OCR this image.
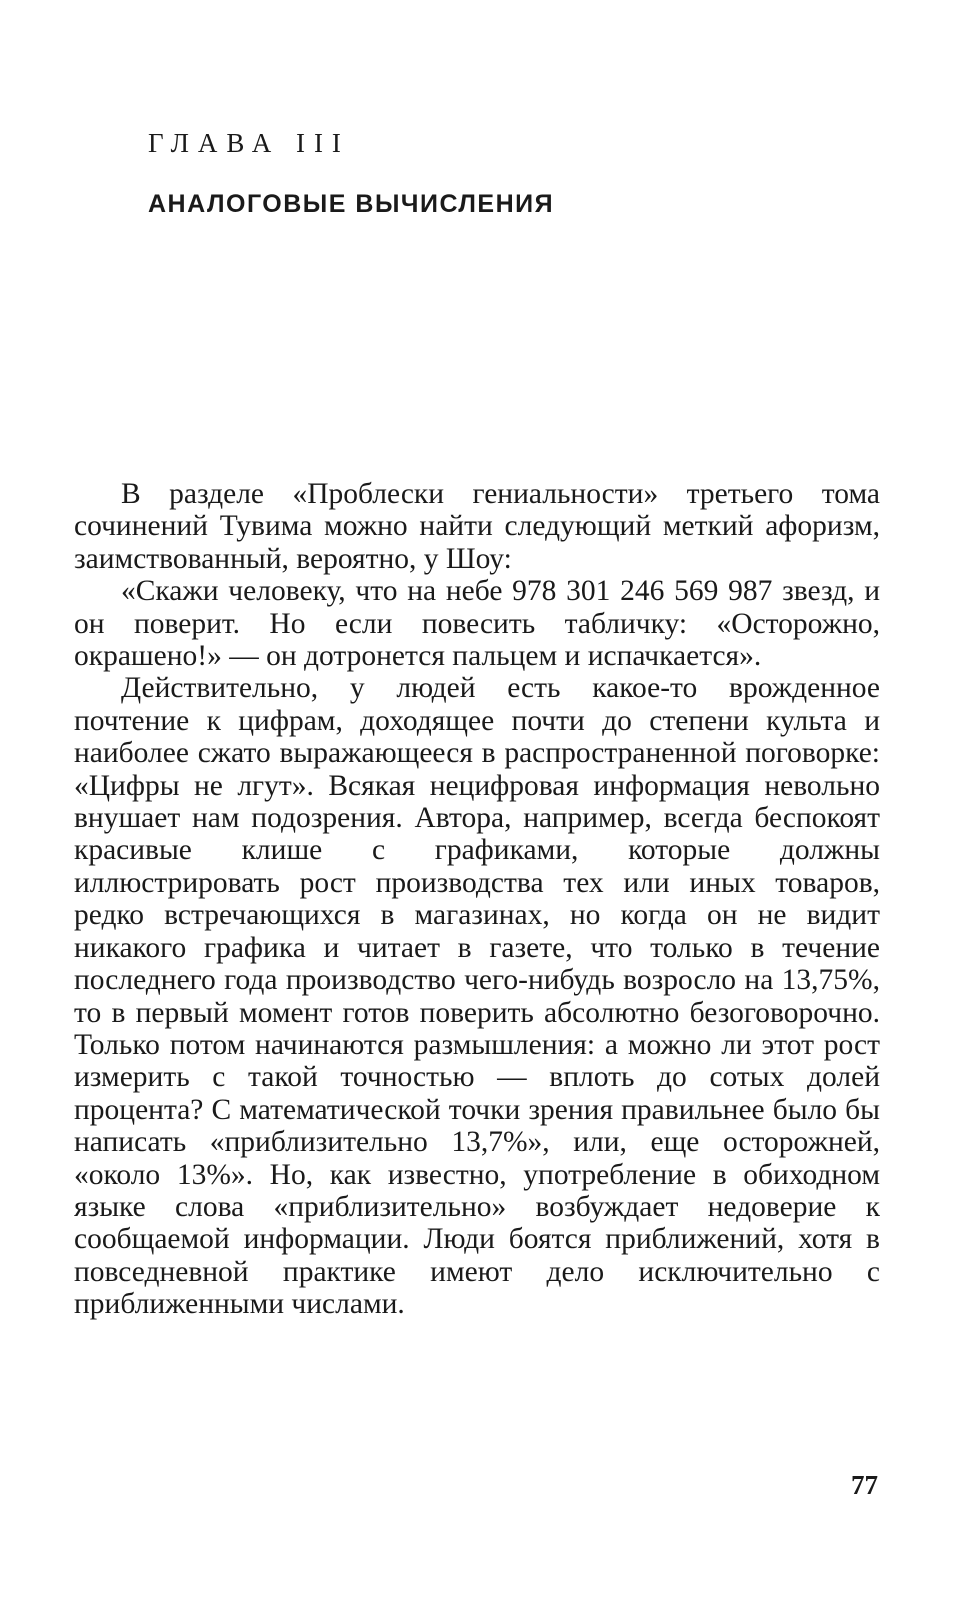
ГЛАВА III
АНАЛОГОВЫЕ ВЫЧИСЛЕНИЯ

В разделе «Проблески гениальности» третьего тома сочинений Тувима можно найти следующий меткий афоризм, заимствованный, вероятно, у Шоу:

«Скажи человеку, что на небе 978 301 246 569 987 звезд, и он поверит. Но если повесить табличку: «Осторожно, окрашено!» — он дотронется пальцем и испачкается».

Действительно, у людей есть какое-то врожденное почтение к цифрам, доходящее почти до степени культа и наиболее сжато выражающееся в распространенной поговорке: «Цифры не лгут». Всякая нецифровая информация невольно внушает нам подозрения. Автора, например, всегда беспокоят красивые клише с графиками, которые должны иллюстрировать рост производства тех или иных товаров, редко встречающихся в магазинах, но когда он не видит никакого графика и читает в газете, что только в течение последнего года производство чего-нибудь возросло на 13,75%, то в первый момент готов поверить абсолютно безоговорочно. Только потом начинаются размышления: а можно ли этот рост измерить с такой точностью — вплоть до сотых долей процента? С математической точки зрения правильнее было бы написать «приблизительно 13,7%», или, еще осторожней, «около 13%». Но, как известно, употребление в обиходном языке слова «приблизительно» возбуждает недоверие к сообщаемой информации. Люди боятся приближений, хотя в повседневной практике имеют дело исключительно с приближенными числами.

77
